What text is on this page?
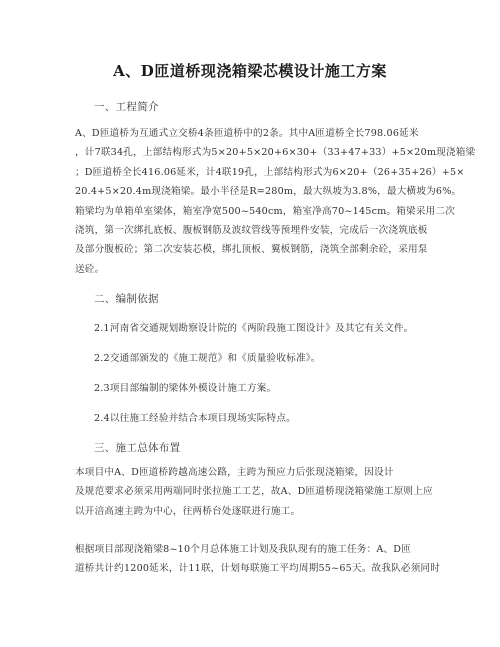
A、D匝道桥现浇箱梁芯模设计施工方案
一、工程简介
A、D匝道桥为互通式立交桥4条匝道桥中的2条。其中A匝道桥全长798.06延米
，计7联34孔，上部结构形式为5×20+5×20+6×30+（33+47+33）+5×20m现浇箱梁
；D匝道桥全长416.06延米，计4联19孔，上部结构形式为6×20+（26+35+26）+5×
20.4+5×20.4m现浇箱梁。最小半径是R=280m，最大纵坡为3.8%，最大横坡为6%。
箱梁均为单箱单室梁体，箱室净宽500~540cm，箱室净高70~145cm。箱梁采用二次
浇筑，第一次绑扎底板、腹板钢筋及波纹管线等预埋件安装，完成后一次浇筑底板
及部分腹板砼；第二次安装芯模，绑扎顶板、翼板钢筋，浇筑全部剩余砼，采用泵
送砼。
二、编制依据
2.1河南省交通规划勘察设计院的《两阶段施工图设计》及其它有关文件。
2.2交通部颁发的《施工规范》和《质量验收标准》。
2.3项目部编制的梁体外模设计施工方案。
2.4以往施工经验并结合本项目现场实际特点。
三、施工总体布置
本项目中A、D匝道桥跨越高速公路，主跨为预应力后张现浇箱梁，因设计
及规范要求必须采用两端同时张拉施工工艺，故A、D匝道桥现浇箱梁施工原则上应
以开涪高速主跨为中心，往两桥台处逐联进行施工。
根据项目部现浇箱梁8~10个月总体施工计划及我队现有的施工任务：A、D匝
道桥共计约1200延米，计11联，计划每联施工平均周期55~65天。故我队必须同时
